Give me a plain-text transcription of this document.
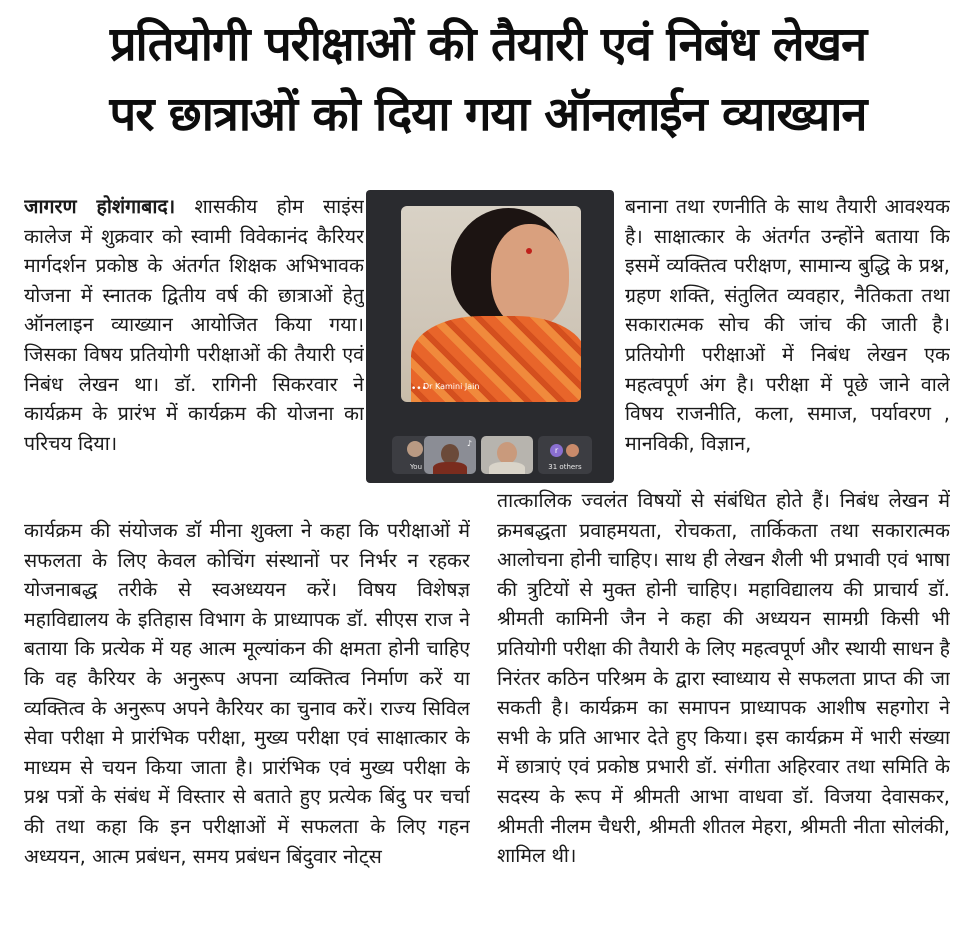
प्रतियोगी परीक्षाओं की तैयारी एवं निबंध लेखन
पर छात्राओं को दिया गया ऑनलाईन व्याख्यान

जागरण होशंगाबाद। शासकीय होम साइंस कालेज में शुक्रवार को स्वामी विवेकानंद कैरियर मार्गदर्शन प्रकोष्ठ के अंतर्गत शिक्षक अभिभावक योजना में स्नातक द्वितीय वर्ष की छात्राओं हेतु ऑनलाइन व्याख्यान आयोजित किया गया। जिसका विषय प्रतियोगी परीक्षाओं की तैयारी एवं निबंध लेखन था। डॉ. रागिनी सिकरवार ने कार्यक्रम के प्रारंभ में कार्यक्रम की योजना का परिचय दिया।

•••
Dr Kamini Jain
You
♪
r
31 others

बनाना तथा रणनीति के साथ तैयारी आवश्यक है। साक्षात्कार के अंतर्गत उन्होंने बताया कि इसमें व्यक्तित्व परीक्षण, सामान्य बुद्धि के प्रश्न, ग्रहण शक्ति, संतुलित व्यवहार, नैतिकता तथा सकारात्मक सोच की जांच की जाती है। प्रतियोगी परीक्षाओं में निबंध लेखन एक महत्वपूर्ण अंग है। परीक्षा में पूछे जाने वाले विषय राजनीति, कला, समाज, पर्यावरण , मानविकी, विज्ञान,

कार्यक्रम की संयोजक डॉ मीना शुक्ला ने कहा कि परीक्षाओं में सफलता के लिए केवल कोचिंग संस्थानों पर निर्भर न रहकर योजनाबद्ध तरीके से स्वअध्ययन करें। विषय विशेषज्ञ महाविद्यालय के इतिहास विभाग के प्राध्यापक डॉ. सीएस राज ने बताया कि प्रत्येक में यह आत्म मूल्यांकन की क्षमता होनी चाहिए कि वह कैरियर के अनुरूप अपना व्यक्तित्व निर्माण करें या व्यक्तित्व के अनुरूप अपने कैरियर का चुनाव करें। राज्य सिविल सेवा परीक्षा मे प्रारंभिक परीक्षा, मुख्य परीक्षा एवं साक्षात्कार के माध्यम से चयन किया जाता है। प्रारंभिक एवं मुख्य परीक्षा के प्रश्न पत्रों के संबंध में विस्तार से बताते हुए प्रत्येक बिंदु पर चर्चा की तथा कहा कि इन परीक्षाओं में सफलता के लिए गहन अध्ययन, आत्म प्रबंधन, समय प्रबंधन बिंदुवार नोट्स

तात्कालिक ज्वलंत विषयों से संबंधित होते हैं। निबंध लेखन में क्रमबद्धता प्रवाहमयता, रोचकता, तार्किकता तथा सकारात्मक आलोचना होनी चाहिए। साथ ही लेखन शैली भी प्रभावी एवं भाषा की त्रुटियों से मुक्त होनी चाहिए। महाविद्यालय की प्राचार्य डॉ. श्रीमती कामिनी जैन ने कहा की अध्ययन सामग्री किसी भी प्रतियोगी परीक्षा की तैयारी के लिए महत्वपूर्ण और स्थायी साधन है निरंतर कठिन परिश्रम के द्वारा स्वाध्याय से सफलता प्राप्त की जा सकती है। कार्यक्रम का समापन प्राध्यापक आशीष सहगोरा ने सभी के प्रति आभार देते हुए किया। इस कार्यक्रम में भारी संख्या में छात्राएं एवं प्रकोष्ठ प्रभारी डॉ. संगीता अहिरवार तथा समिति के सदस्य के रूप में श्रीमती आभा वाधवा डॉ. विजया देवासकर, श्रीमती नीलम चैधरी, श्रीमती शीतल मेहरा, श्रीमती नीता सोलंकी, शामिल थी।
